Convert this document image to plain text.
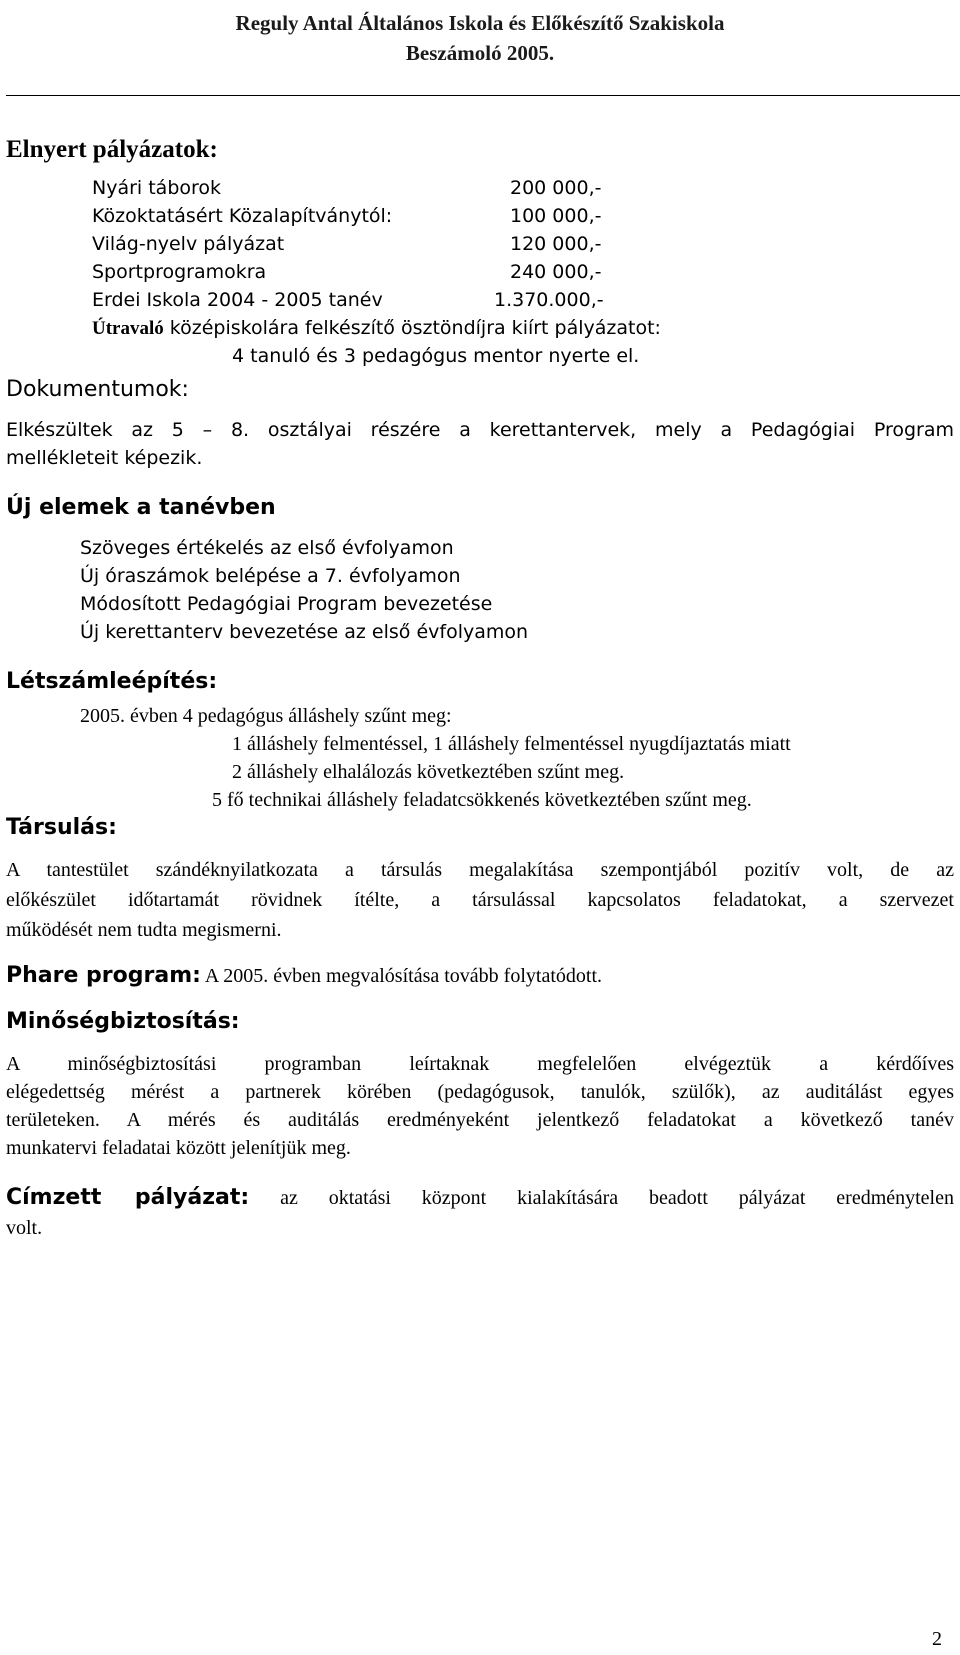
Reguly Antal Általános Iskola és Előkészítő Szakiskola
Beszámoló 2005.
Elnyert pályázatok:
Nyári táborok	200 000,-
Közoktatásért Közalapítványtól:	100 000,-
Világ-nyelv pályázat	120 000,-
Sportprogramokra	240 000,-
Erdei Iskola 2004 - 2005 tanév	1.370.000,-
Útravaló középiskolára felkészítő ösztöndíjra kiírt pályázatot:
4 tanuló és 3 pedagógus mentor nyerte el.
Dokumentumok:
Elkészültek az 5 – 8. osztályai részére a kerettantervek, mely a Pedagógiai Program
mellékleteit képezik.
Új elemek a tanévben
Szöveges értékelés az első évfolyamon
Új óraszámok belépése a 7. évfolyamon
Módosított Pedagógiai Program bevezetése
Új kerettanterv bevezetése az első évfolyamon
Létszámleépítés:
2005. évben 4 pedagógus álláshely szűnt meg:
1 álláshely felmentéssel, 1 álláshely felmentéssel nyugdíjaztatás miatt
2 álláshely elhalálozás következtében szűnt meg.
5 fő technikai álláshely feladatcsökkenés következtében szűnt meg.
Társulás:
A tantestület szándéknyilatkozata a társulás megalakítása szempontjából pozitív volt, de az
előkészület időtartamát rövidnek ítélte, a társulással kapcsolatos feladatokat, a szervezet
működését nem tudta megismerni.
Phare program: A 2005. évben megvalósítása tovább folytatódott.
Minőségbiztosítás:
A minőségbiztosítási programban leírtaknak megfelelően elvégeztük a kérdőíves
elégedettség mérést a partnerek körében (pedagógusok, tanulók, szülők), az auditálást egyes
területeken. A mérés és auditálás eredményeként jelentkező feladatokat a következő tanév
munkatervi feladatai között jelenítjük meg.
Címzett pályázat: az oktatási központ kialakítására beadott pályázat eredménytelen
volt.
2
